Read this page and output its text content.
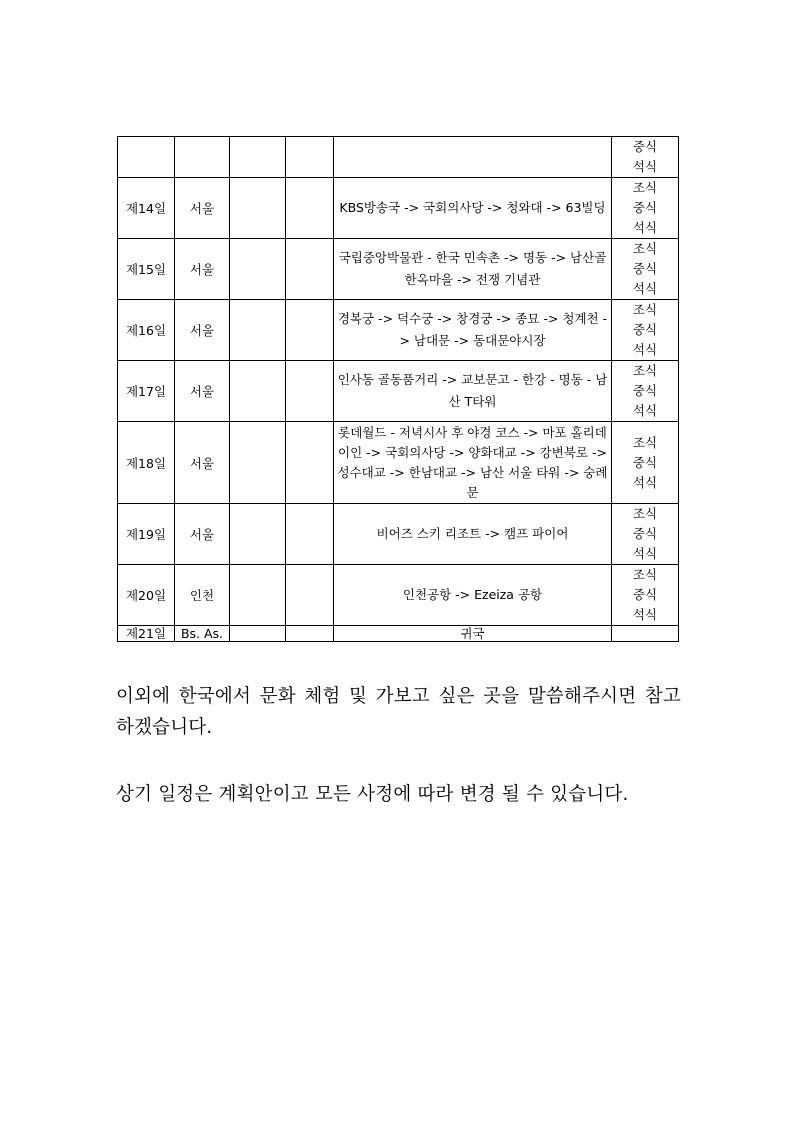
					중식
석식

제14일	서울			KBS방송국 -> 국회의사당 -> 청와대 -> 63빌딩	조식
중식
석식

제15일	서울			국립중앙박물관 - 한국 민속촌 -> 명동 -> 남산골 한옥마을 -> 전쟁 기념관	조식
중식
석식

제16일	서울			경복궁 -> 덕수궁 -> 창경궁 -> 종묘 -> 청계천 -> 남대문 -> 동대문야시장	조식
중식
석식

제17일	서울			인사동 골동품거리 -> 교보문고 - 한강 - 명동 - 남산 T타워	조식
중식
석식

제18일	서울			롯데월드 - 저녁시사 후 야경 코스 -> 마포 홀리데이인 -> 국회의사당 -> 양화대교 -> 강변북로 -> 성수대교 -> 한남대교 -> 남산 서울 타워 -> 숭례문	조식
중식
석식

제19일	서울			비어즈 스키 리조트 -> 캠프 파이어	조식
중식
석식

제20일	인천			인천공항 -> Ezeiza 공항	조식
중식
석식

제21일	Bs. As.			귀국	

이외에 한국에서 문화 체험 및 가보고 싶은 곳을 말씀해주시면 참고 하겠습니다.

상기 일정은 계획안이고 모든 사정에 따라 변경 될 수 있습니다.
